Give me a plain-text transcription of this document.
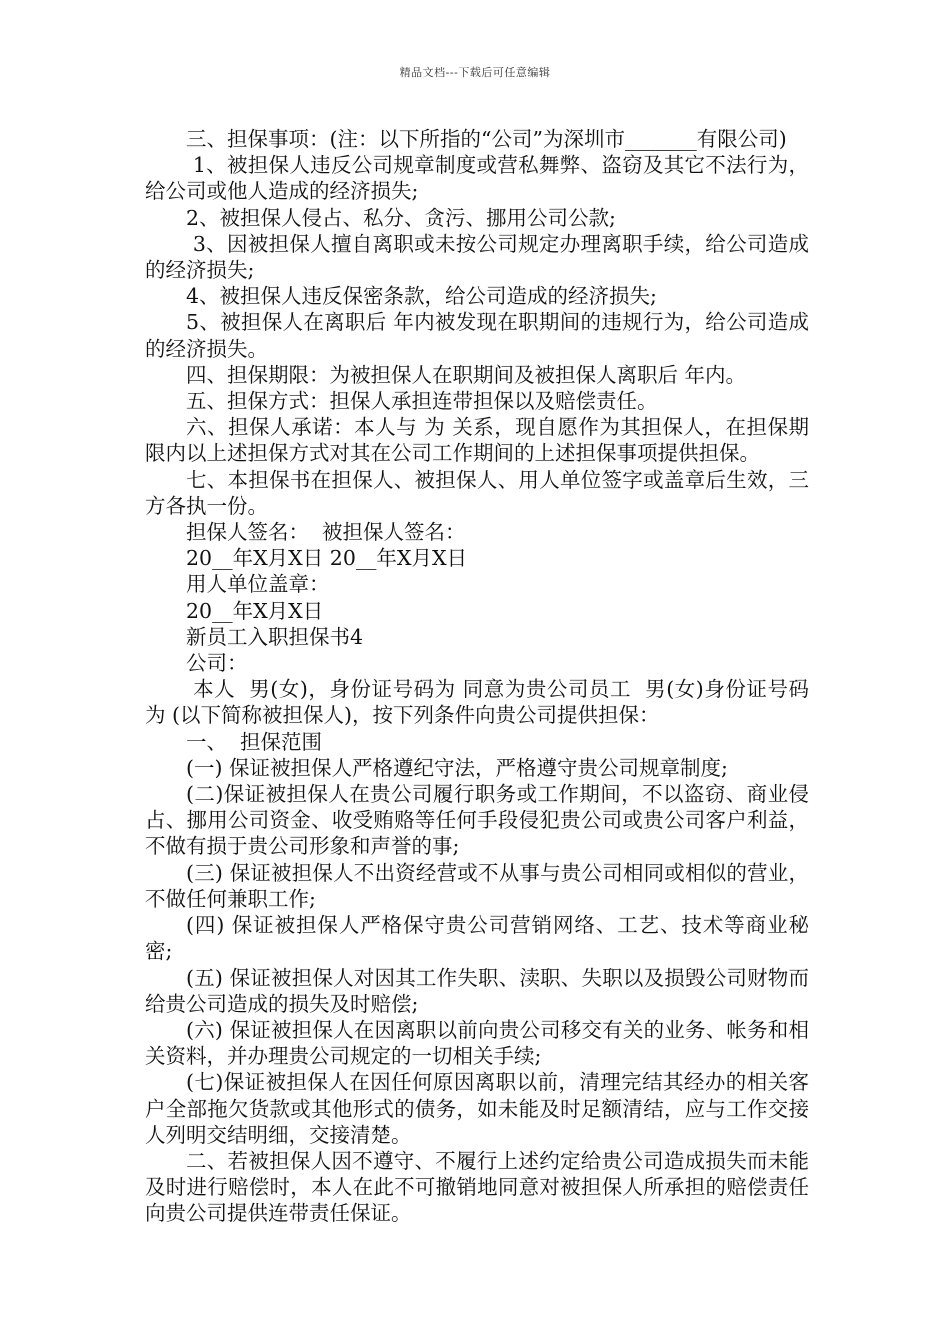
精品文档---下载后可任意编辑

三、担保事项：(注：以下所指的“公司”为深圳市_______有限公司)

1、被担保人违反公司规章制度或营私舞弊、盗窃及其它不法行为，给公司或他人造成的经济损失;

2、被担保人侵占、私分、贪污、挪用公司公款;

3、因被担保人擅自离职或未按公司规定办理离职手续，给公司造成的经济损失;

4、被担保人违反保密条款，给公司造成的经济损失;

5、被担保人在离职后 年内被发现在职期间的违规行为，给公司造成的经济损失。

四、担保期限：为被担保人在职期间及被担保人离职后 年内。

五、担保方式：担保人承担连带担保以及赔偿责任。

六、担保人承诺：本人与 为 关系，现自愿作为其担保人，在担保期限内以上述担保方式对其在公司工作期间的上述担保事项提供担保。

七、本担保书在担保人、被担保人、用人单位签字或盖章后生效，三方各执一份。

担保人签名：  被担保人签名：

20__年X月X日 20__年X月X日

用人单位盖章：

20__年X月X日

新员工入职担保书4

公司：

本人  男(女)，身份证号码为 同意为贵公司员工  男(女)身份证号码为 (以下简称被担保人)，按下列条件向贵公司提供担保：

一、  担保范围

(一) 保证被担保人严格遵纪守法，严格遵守贵公司规章制度;

(二)保证被担保人在贵公司履行职务或工作期间，不以盗窃、商业侵占、挪用公司资金、收受贿赂等任何手段侵犯贵公司或贵公司客户利益，不做有损于贵公司形象和声誉的事;

(三) 保证被担保人不出资经营或不从事与贵公司相同或相似的营业，不做任何兼职工作;

(四) 保证被担保人严格保守贵公司营销网络、工艺、技术等商业秘密;

(五) 保证被担保人对因其工作失职、渎职、失职以及损毁公司财物而给贵公司造成的损失及时赔偿;

(六) 保证被担保人在因离职以前向贵公司移交有关的业务、帐务和相关资料，并办理贵公司规定的一切相关手续;

(七)保证被担保人在因任何原因离职以前，清理完结其经办的相关客户全部拖欠货款或其他形式的债务，如未能及时足额清结，应与工作交接人列明交结明细，交接清楚。

二、若被担保人因不遵守、不履行上述约定给贵公司造成损失而未能及时进行赔偿时，本人在此不可撤销地同意对被担保人所承担的赔偿责任向贵公司提供连带责任保证。
